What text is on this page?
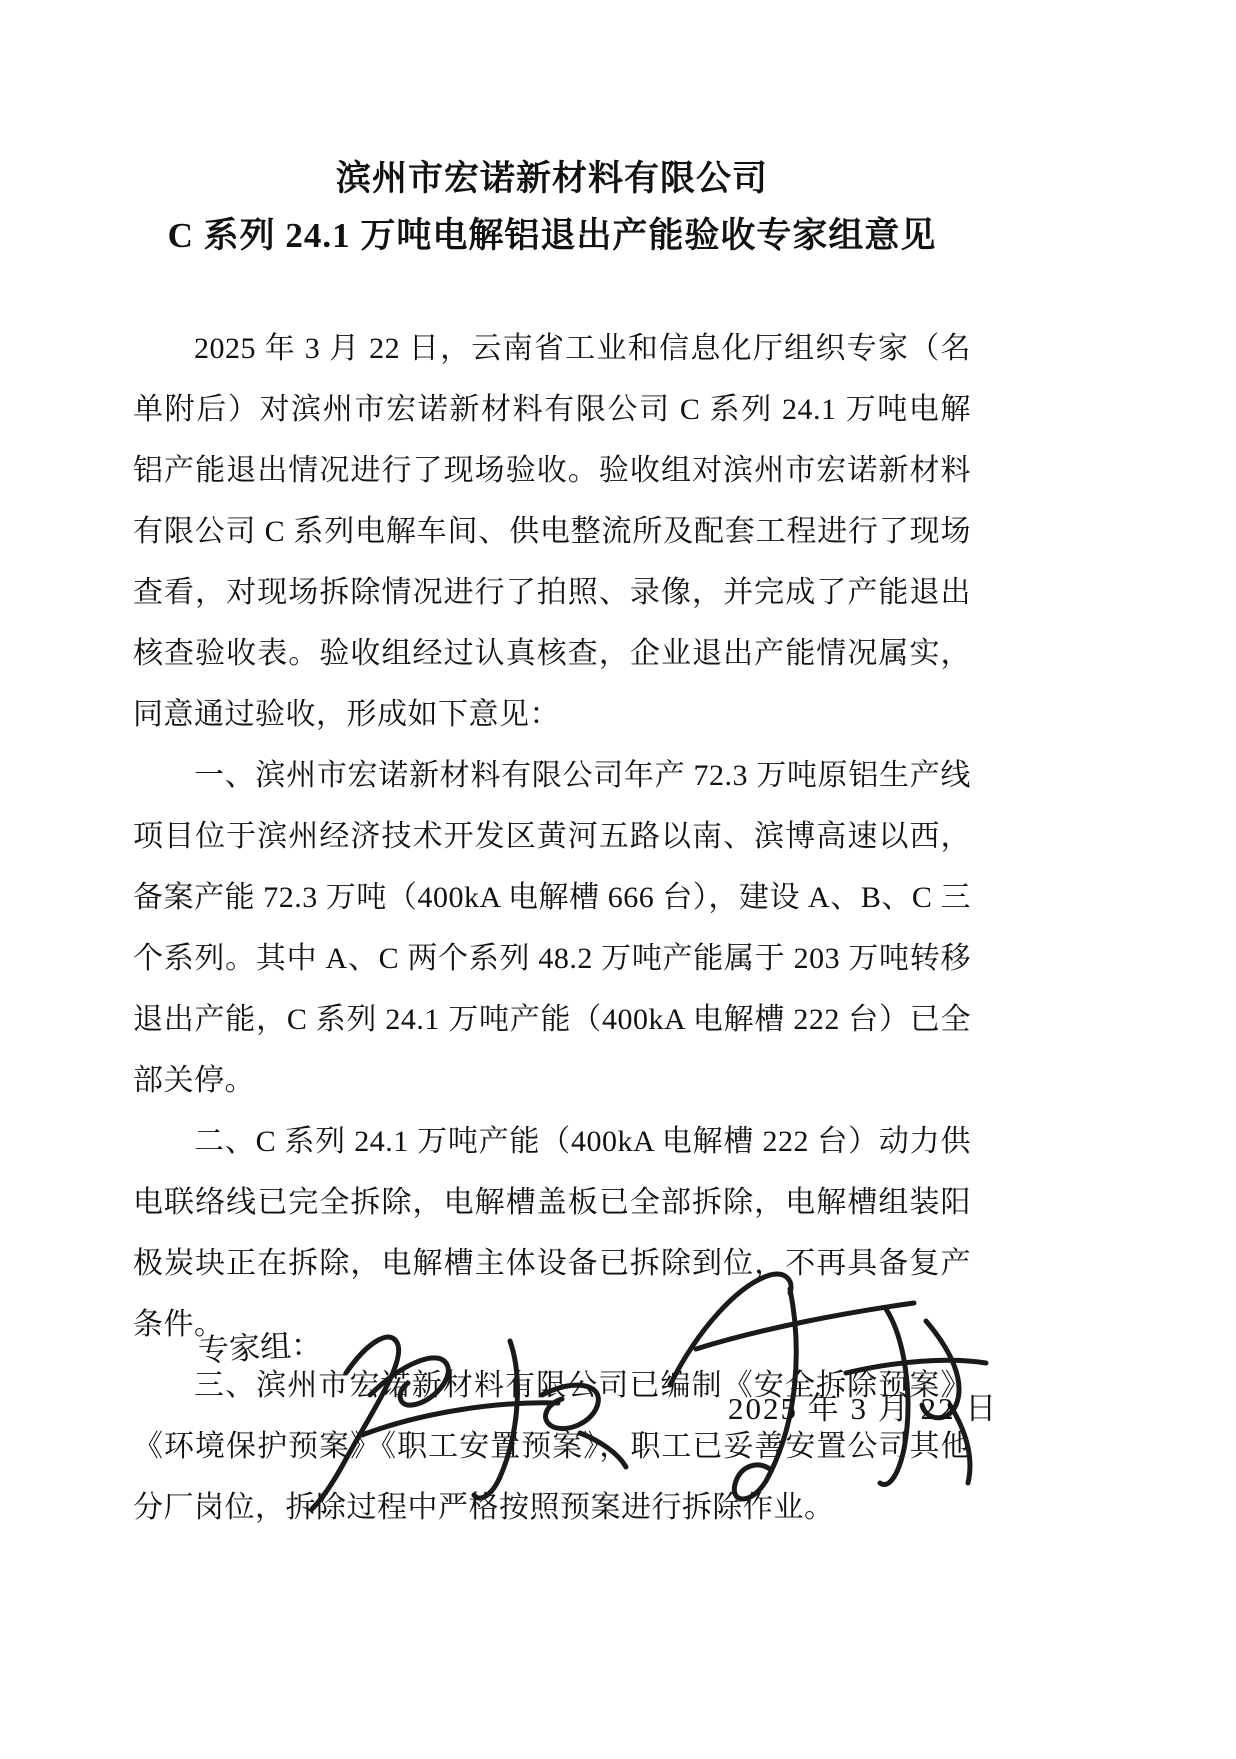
滨州市宏诺新材料有限公司
C 系列 24.1 万吨电解铝退出产能验收专家组意见

2025 年 3 月 22 日，云南省工业和信息化厅组织专家（名单附后）对滨州市宏诺新材料有限公司 C 系列 24.1 万吨电解铝产能退出情况进行了现场验收。验收组对滨州市宏诺新材料有限公司 C 系列电解车间、供电整流所及配套工程进行了现场查看，对现场拆除情况进行了拍照、录像，并完成了产能退出核查验收表。验收组经过认真核查，企业退出产能情况属实，同意通过验收，形成如下意见：

一、滨州市宏诺新材料有限公司年产 72.3 万吨原铝生产线项目位于滨州经济技术开发区黄河五路以南、滨博高速以西，备案产能 72.3 万吨（400kA 电解槽 666 台），建设 A、B、C 三个系列。其中 A、C 两个系列 48.2 万吨产能属于 203 万吨转移退出产能，C 系列 24.1 万吨产能（400kA 电解槽 222 台）已全部关停。

二、C 系列 24.1 万吨产能（400kA 电解槽 222 台）动力供电联络线已完全拆除，电解槽盖板已全部拆除，电解槽组装阳极炭块正在拆除，电解槽主体设备已拆除到位，不再具备复产条件。

三、滨州市宏诺新材料有限公司已编制《安全拆除预案》《环境保护预案》《职工安置预案》，职工已妥善安置公司其他分厂岗位，拆除过程中严格按照预案进行拆除作业。

专家组：
2025 年 3 月 22 日
